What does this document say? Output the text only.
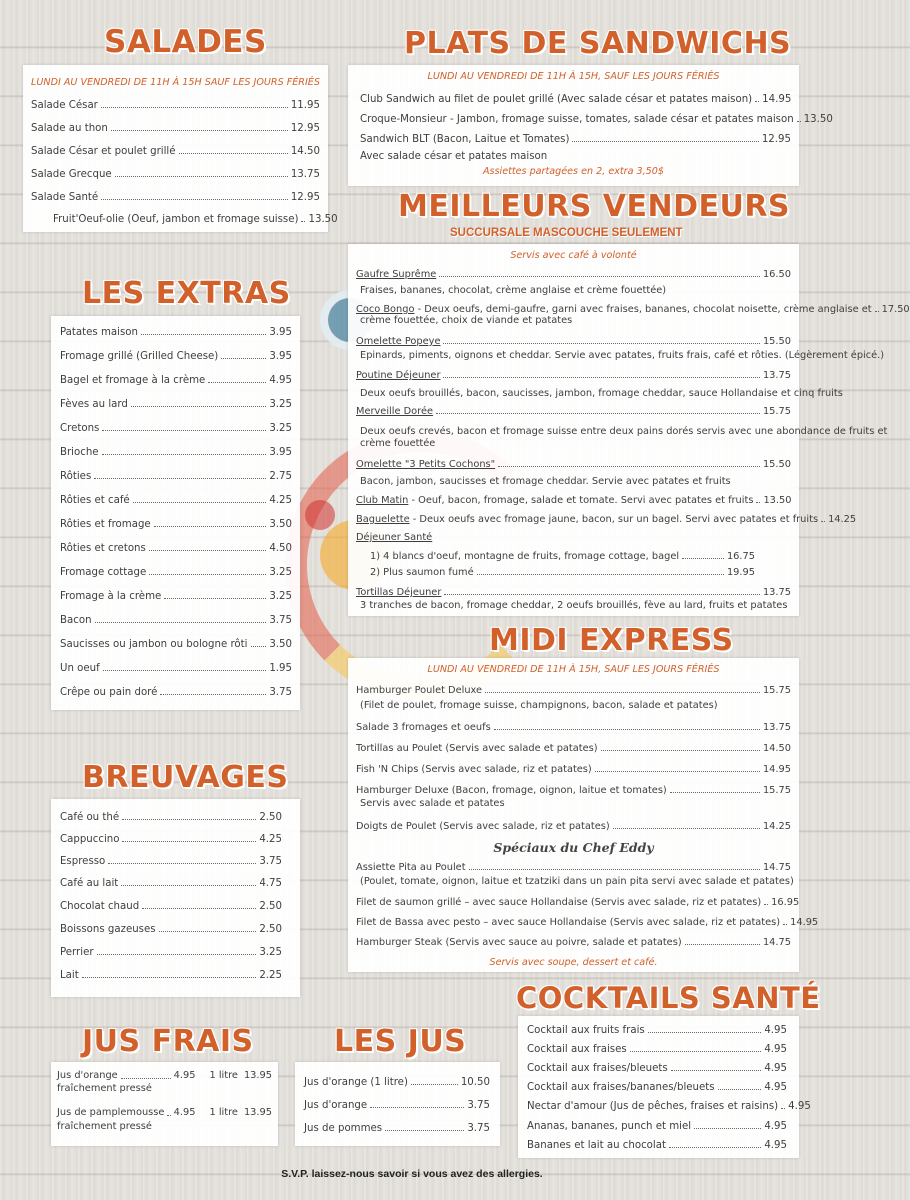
SALADES
LUNDI AU VENDREDI DE 11H À 15H SAUF LES JOURS FÉRIÉS
Salade César	11.95
Salade au thon	12.95
Salade César et poulet grillé	14.50
Salade Grecque	13.75
Salade Santé	12.95
Fruit'Oeuf-olie (Oeuf, jambon et fromage suisse) 13.50
PLATS DE SANDWICHS
LUNDI AU VENDREDI DE 11H À 15H, SAUF LES JOURS FÉRIÉS
Club Sandwich au filet de poulet grillé (Avec salade césar et patates maison) 14.95
Croque-Monsieur - Jambon, fromage suisse, tomates, salade césar et patates maison 13.50
Sandwich BLT (Bacon, Laitue et Tomates)	12.95
Avec salade césar et patates maison
Assiettes partagées en 2, extra 3,50$
MEILLEURS VENDEURS
SUCCURSALE MASCOUCHE SEULEMENT
Servis avec café à volonté
Gaufre Suprême	16.50
Fraises, bananes, chocolat, crème anglaise et crème fouettée)
Coco Bongo - Deux oeufs, demi-gaufre, garni avec fraises, bananes, chocolat noisette, crème anglaise et 17.50
crème fouettée, choix de viande et patates
Omelette Popeye	15.50
Epinards, piments, oignons et cheddar. Servie avec patates, fruits frais, café et rôties. (Légèrement épicé.)
Poutine Déjeuner	13.75
Deux oeufs brouillés, bacon, saucisses, jambon, fromage cheddar, sauce Hollandaise et cinq fruits
Merveille Dorée	15.75
Deux oeufs crevés, bacon et fromage suisse entre deux pains dorés servis avec une abondance de fruits et
crème fouettée
Omelette "3 Petits Cochons"	15.50
Bacon, jambon, saucisses et fromage cheddar. Servie avec patates et fruits
Club Matin - Oeuf, bacon, fromage, salade et tomate. Servi avec patates et fruits 13.50
Baguelette - Deux oeufs avec fromage jaune, bacon, sur un bagel. Servi avec patates et fruits 14.25
Déjeuner Santé
1) 4 blancs d'oeuf, montagne de fruits, fromage cottage, bagel	16.75
2) Plus saumon fumé	19.95
Tortillas Déjeuner	13.75
3 tranches de bacon, fromage cheddar, 2 oeufs brouillés, fève au lard, fruits et patates
LES EXTRAS
Patates maison	3.95
Fromage grillé (Grilled Cheese)	3.95
Bagel et fromage à la crème	4.95
Fèves au lard	3.25
Cretons	3.25
Brioche	3.95
Rôties	2.75
Rôties et café	4.25
Rôties et fromage	3.50
Rôties et cretons	4.50
Fromage cottage	3.25
Fromage à la crème	3.25
Bacon	3.75
Saucisses ou jambon ou bologne rôti 3.50
Un oeuf	1.95
Crêpe ou pain doré	3.75
MIDI EXPRESS
LUNDI AU VENDREDI DE 11H À 15H, SAUF LES JOURS FÉRIÉS
Hamburger Poulet Deluxe	15.75
(Filet de poulet, fromage suisse, champignons, bacon, salade et patates)
Salade 3 fromages et oeufs	13.75
Tortillas au Poulet (Servis avec salade et patates)	14.50
Fish 'N Chips (Servis avec salade, riz et patates)	14.95
Hamburger Deluxe (Bacon, fromage, oignon, laitue et tomates)	15.75
Servis avec salade et patates
Doigts de Poulet (Servis avec salade, riz et patates)	14.25
Spéciaux du Chef Eddy
Assiette Pita au Poulet	14.75
(Poulet, tomate, oignon, laitue et tzatziki dans un pain pita servi avec salade et patates)
Filet de saumon grillé – avec sauce Hollandaise (Servis avec salade, riz et patates) 16.95
Filet de Bassa avec pesto – avec sauce Hollandaise (Servis avec salade, riz et patates) 14.95
Hamburger Steak (Servis avec sauce au poivre, salade et patates)	14.75
Servis avec soupe, dessert et café.
BREUVAGES
Café ou thé	2.50
Cappuccino	4.25
Espresso	3.75
Café au lait	4.75
Chocolat chaud	2.50
Boissons gazeuses	2.50
Perrier	3.25
Lait	2.25
COCKTAILS SANTÉ
Cocktail aux fruits frais	4.95
Cocktail aux fraises	4.95
Cocktail aux fraises/bleuets	4.95
Cocktail aux fraises/bananes/bleuets	4.95
Nectar d'amour (Jus de pêches, fraises et raisins) 4.95
Ananas, bananes, punch et miel	4.95
Bananes et lait au chocolat	4.95
JUS FRAIS
Jus d'orange	4.95 1 litre 13.95
fraîchement pressé
Jus de pamplemousse 4.95 1 litre 13.95
fraîchement pressé
LES JUS
Jus d'orange (1 litre)	10.50
Jus d'orange	3.75
Jus de pommes	3.75
S.V.P. laissez-nous savoir si vous avez des allergies.
